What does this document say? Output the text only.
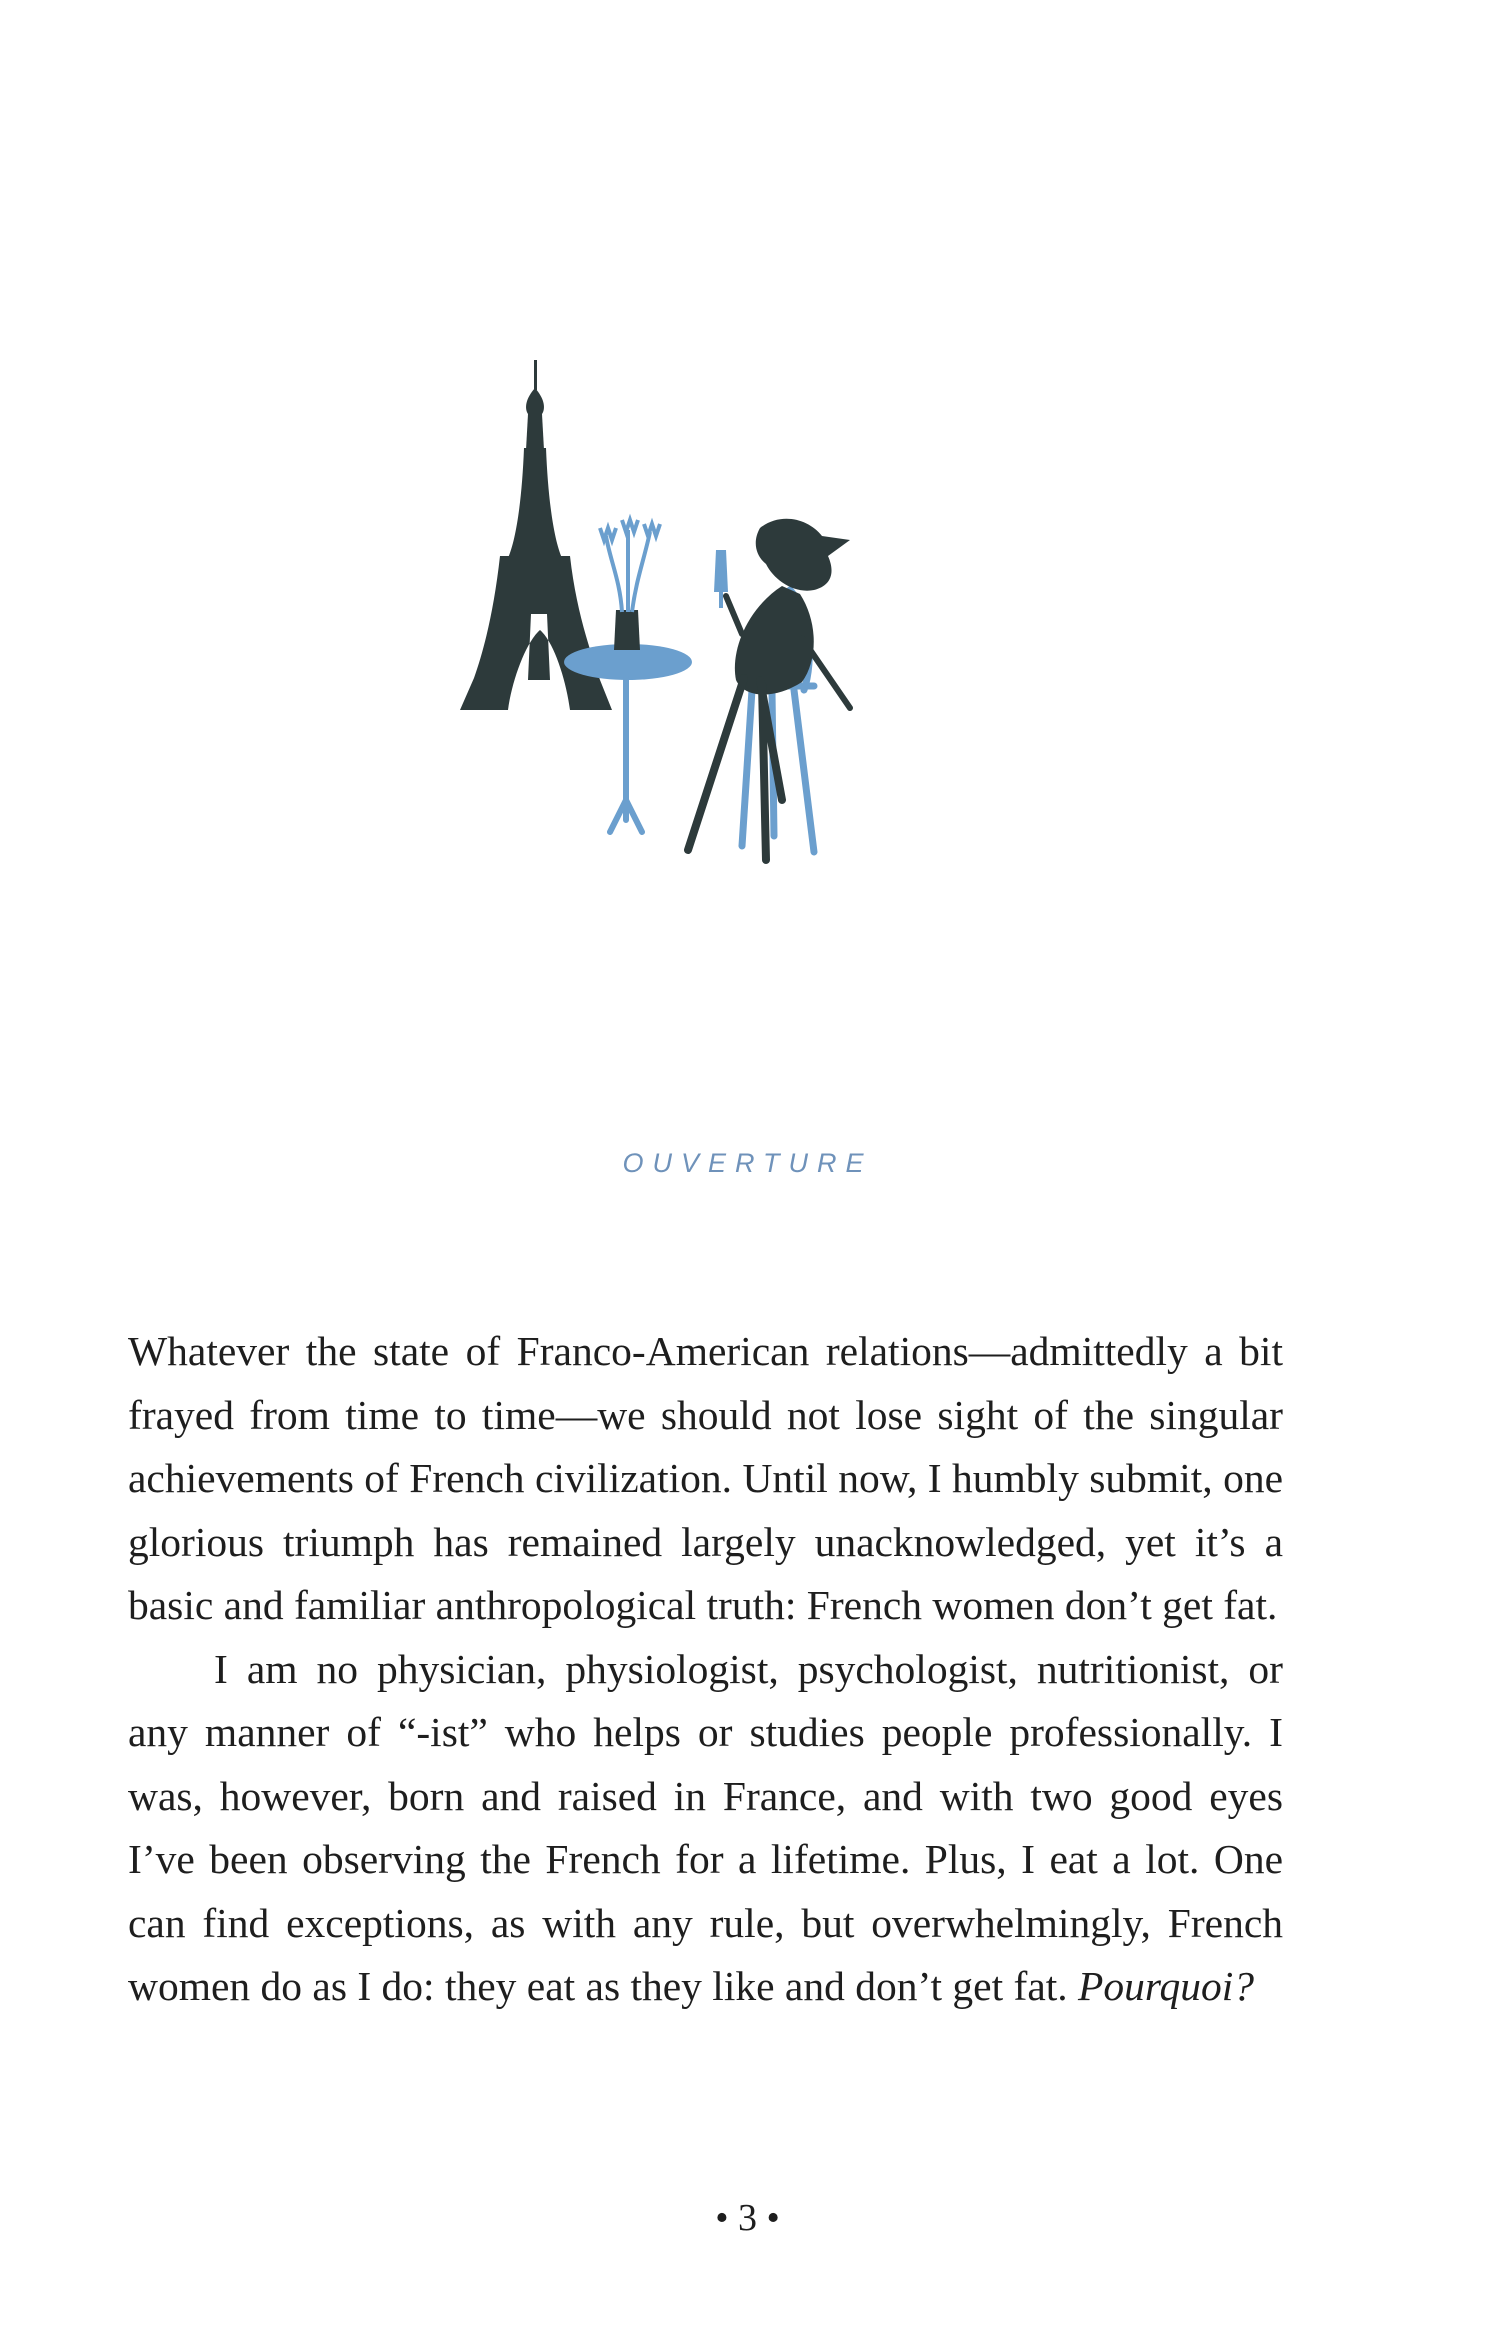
OUVERTURE

Whatever the state of Franco-American relations—admittedly a bit frayed from time to time—we should not lose sight of the singular achievements of French civilization. Until now, I humbly submit, one glorious triumph has remained largely unacknowledged, yet it’s a basic and familiar anthropological truth: French women don’t get fat.

I am no physician, physiologist, psychologist, nutritionist, or any manner of “-ist” who helps or studies people professionally. I was, however, born and raised in France, and with two good eyes I’ve been observing the French for a lifetime. Plus, I eat a lot. One can find exceptions, as with any rule, but overwhelmingly, French women do as I do: they eat as they like and don’t get fat. Pourquoi?

• 3 •
